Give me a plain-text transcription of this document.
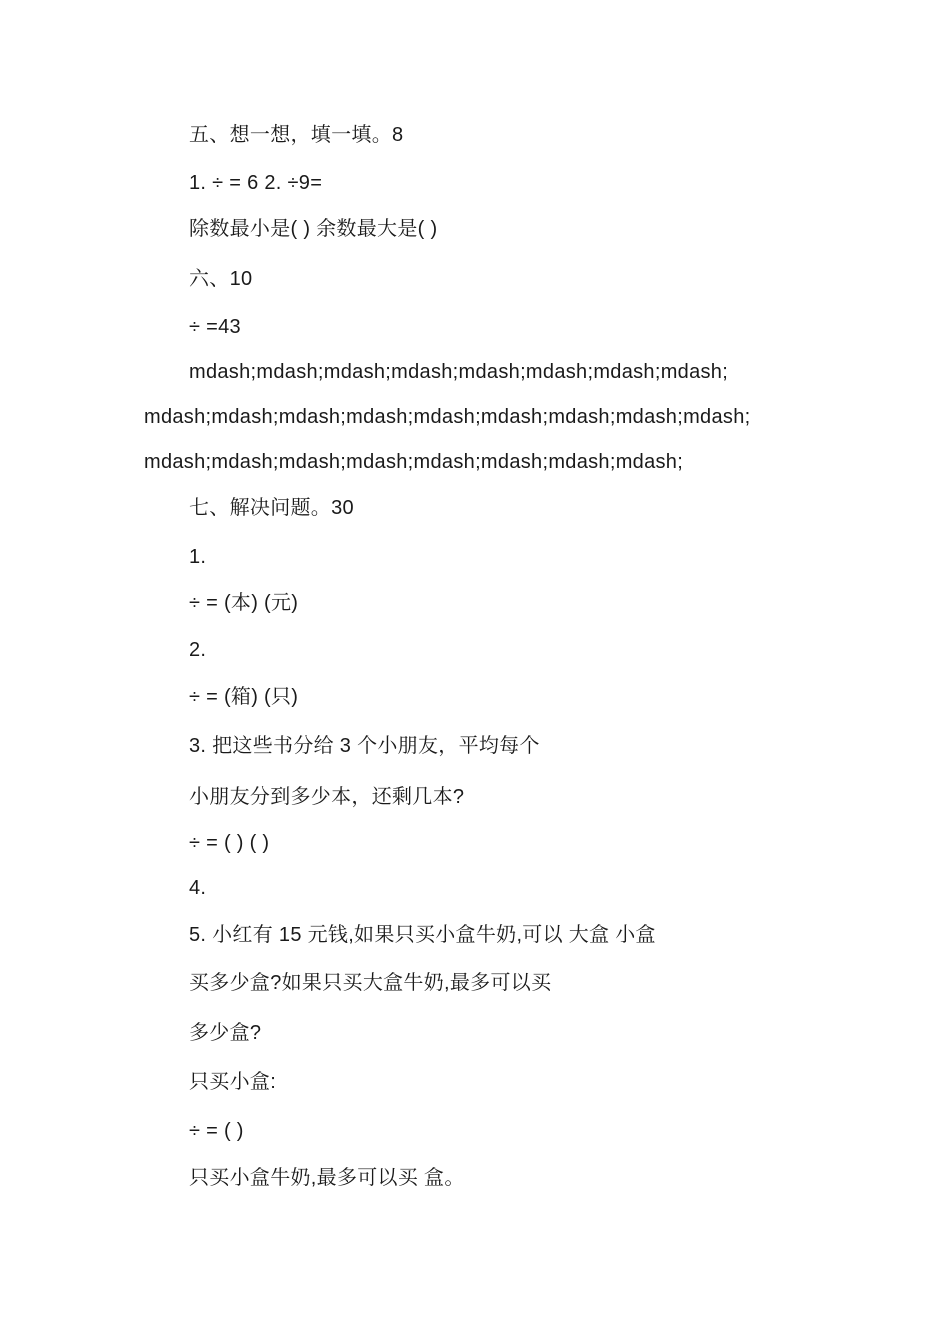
五、想一想，填一填。8
1. ÷ = 6 2. ÷9=
除数最小是( ) 余数最大是( )
六、10
÷ =43
mdash;mdash;mdash;mdash;mdash;mdash;mdash;mdash;
mdash;mdash;mdash;mdash;mdash;mdash;mdash;mdash;mdash;
mdash;mdash;mdash;mdash;mdash;mdash;mdash;mdash;
七、解决问题。30
1.
÷ = (本) (元)
2.
÷ = (箱) (只)
3. 把这些书分给 3 个小朋友，平均每个
小朋友分到多少本，还剩几本?
÷ = ( ) ( )
4.
5. 小红有 15 元钱,如果只买小盒牛奶,可以 大盒 小盒
买多少盒?如果只买大盒牛奶,最多可以买
多少盒?
只买小盒:
÷ = ( )
只买小盒牛奶,最多可以买 盒。
